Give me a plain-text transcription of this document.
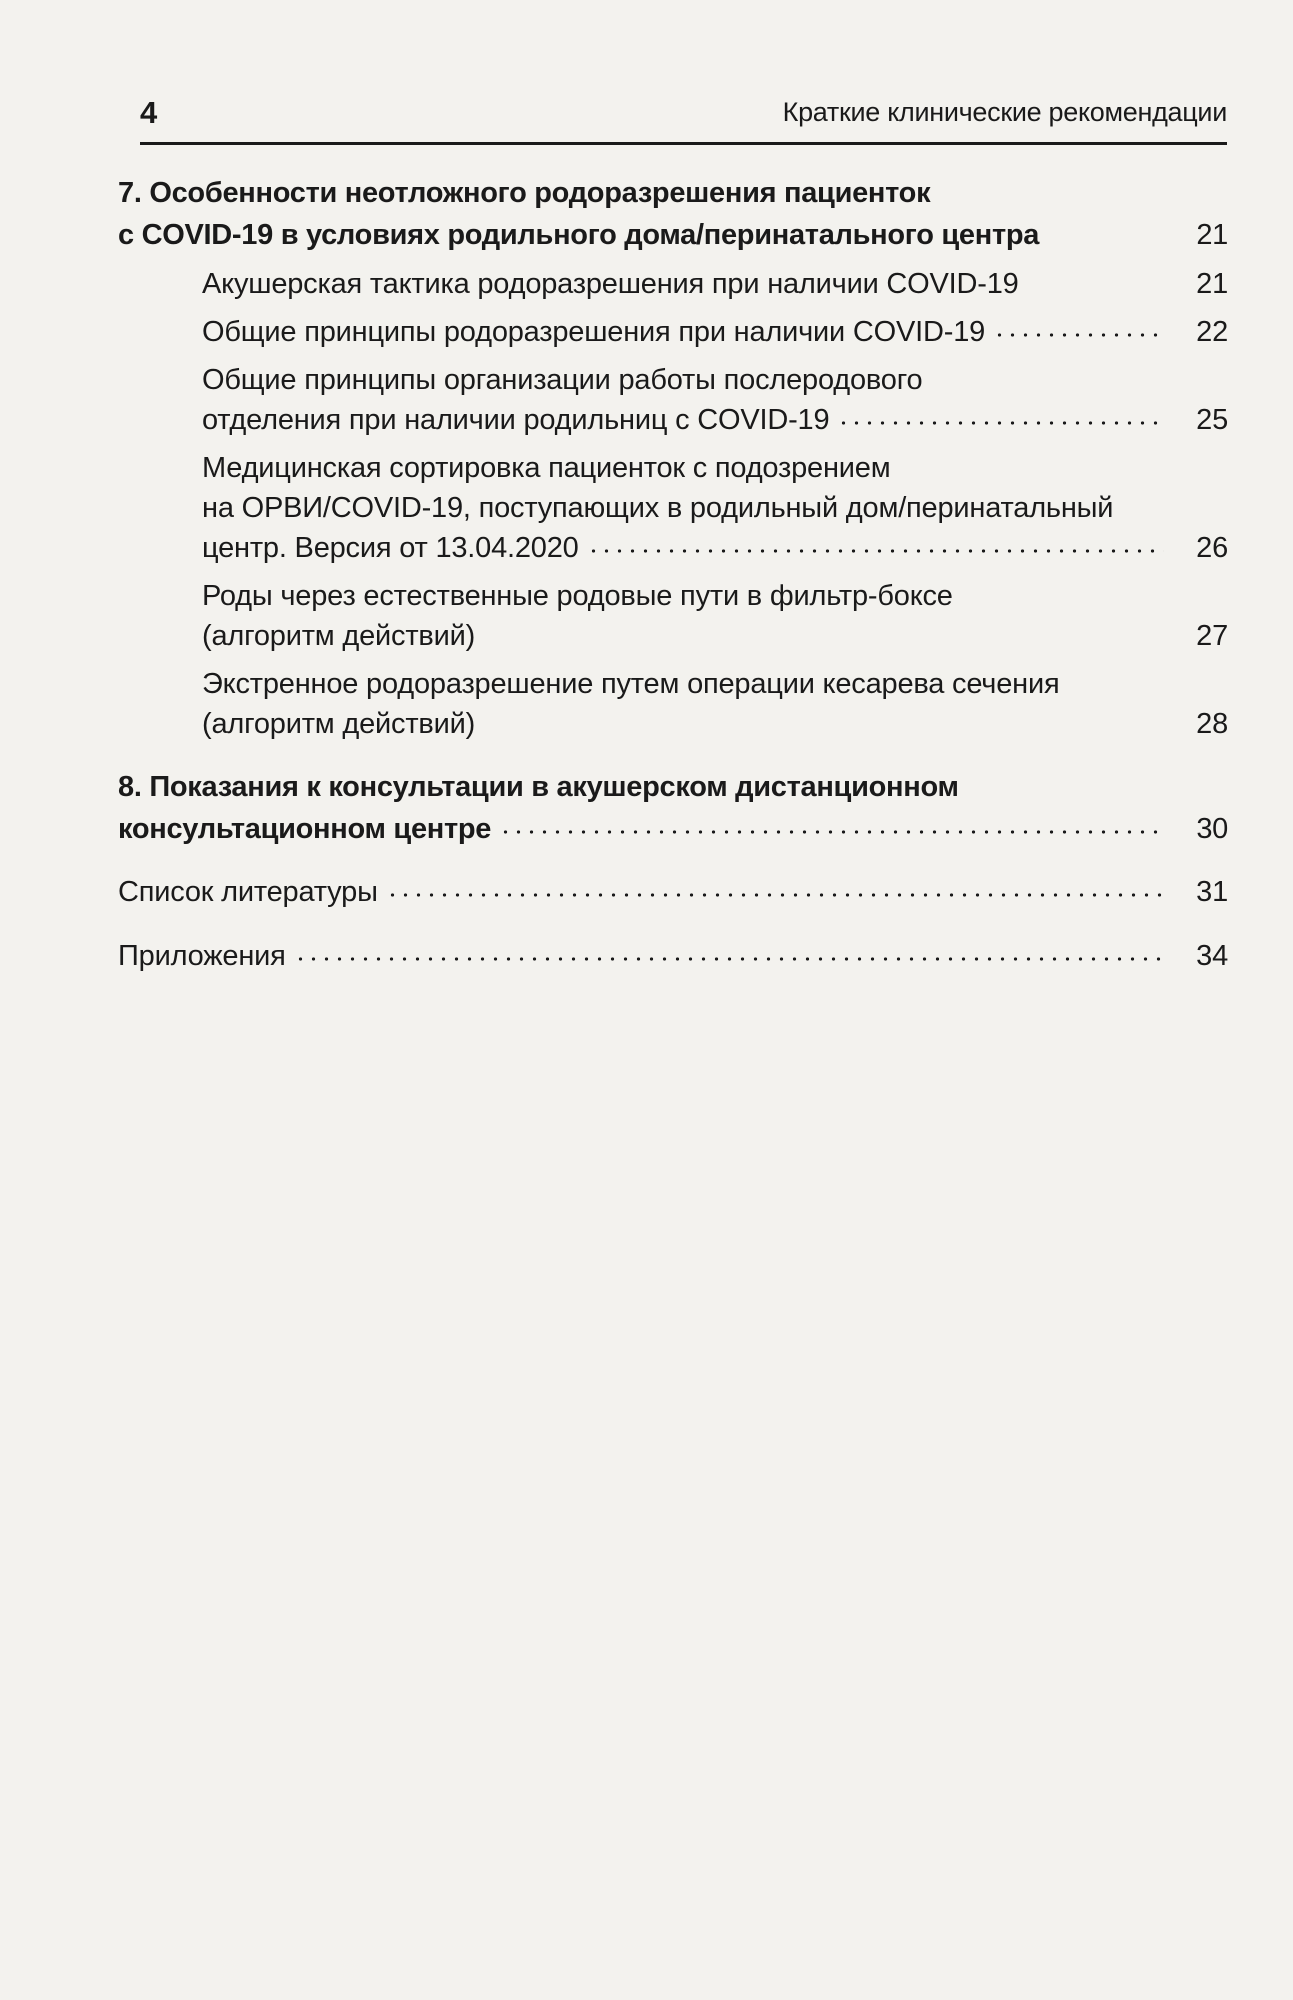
4	Краткие клинические рекомендации
7. Особенности неотложного родоразрешения пациенток
с COVID-19 в условиях родильного дома/перинатального центра	21
Акушерская тактика родоразрешения при наличии COVID-19	21
Общие принципы родоразрешения при наличии COVID-19	22
Общие принципы организации работы послеродового
отделения при наличии родильниц с COVID-19	25
Медицинская сортировка пациенток с подозрением
на ОРВИ/COVID-19, поступающих в родильный дом/перинатальный
центр. Версия от 13.04.2020	26
Роды через естественные родовые пути в фильтр-боксе
(алгоритм действий)	27
Экстренное родоразрешение путем операции кесарева сечения
(алгоритм действий)	28
8. Показания к консультации в акушерском дистанционном
консультационном центре	30
Список литературы	31
Приложения	34
